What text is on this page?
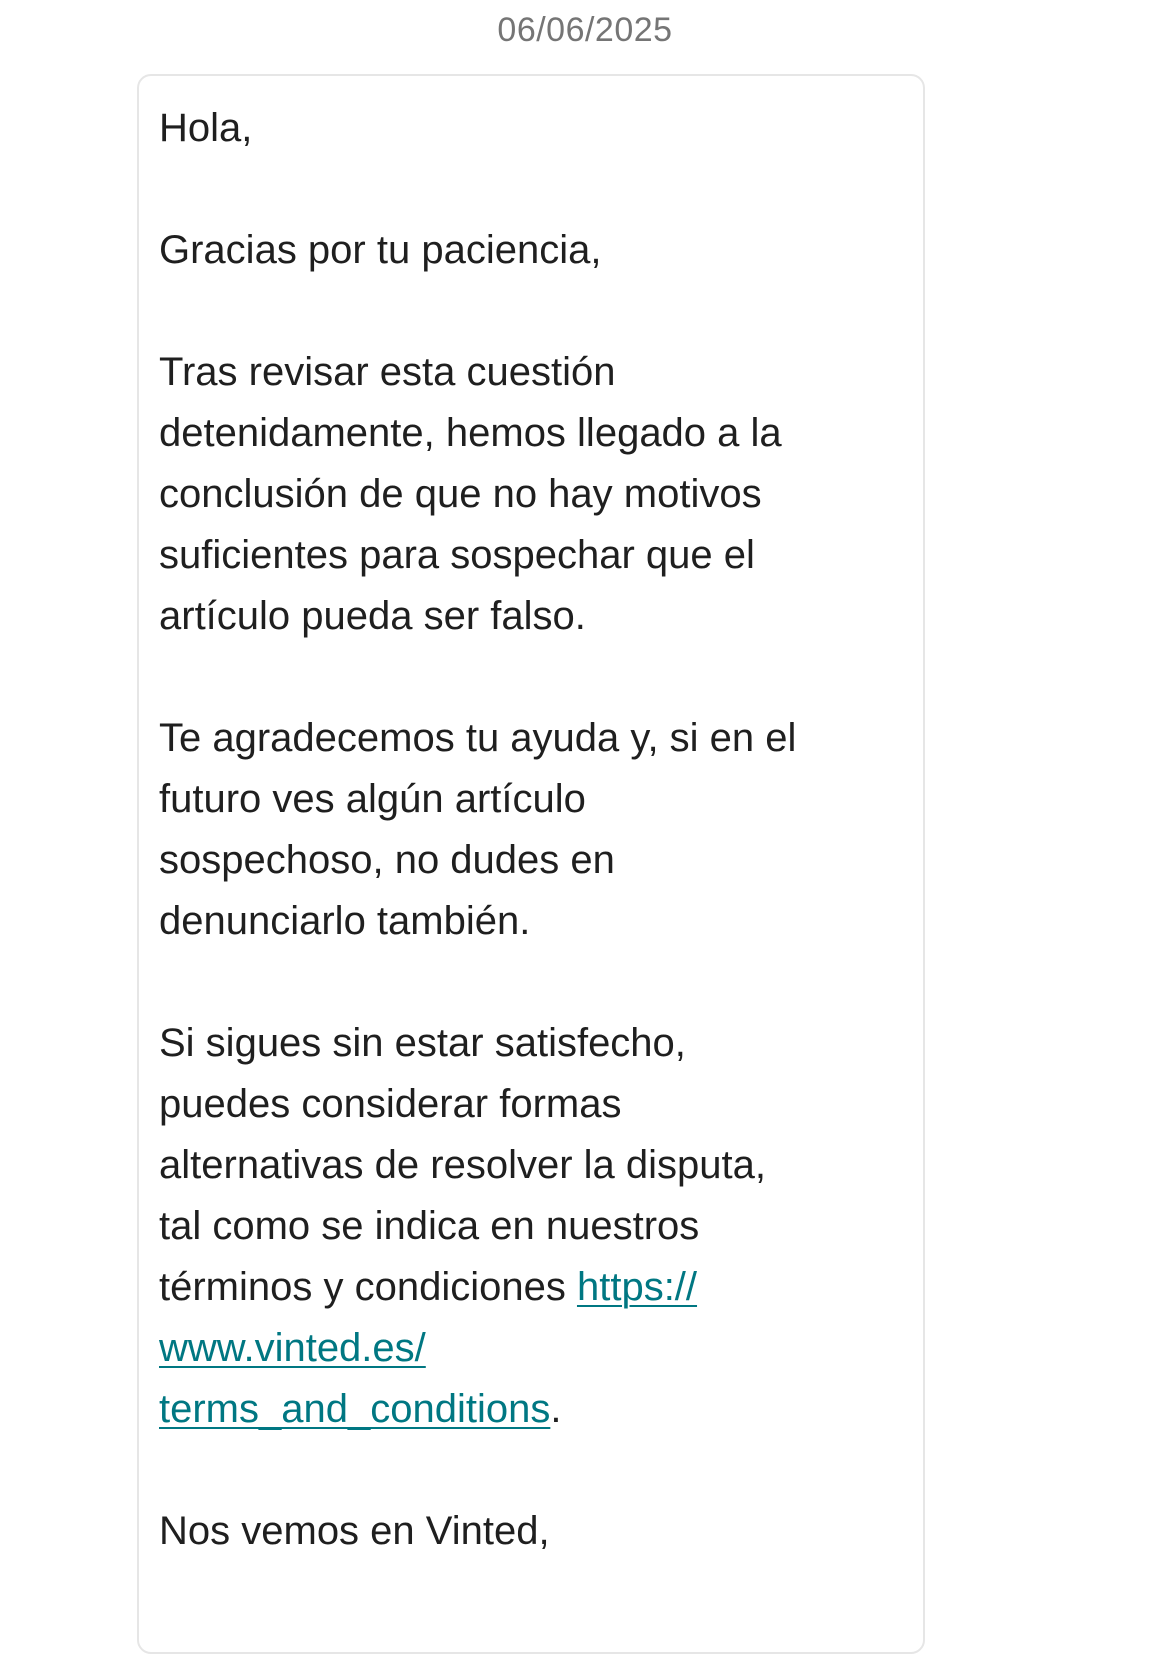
06/06/2025
Hola,
Gracias por tu paciencia,
Tras revisar esta cuestión
detenidamente, hemos llegado a la
conclusión de que no hay motivos
suficientes para sospechar que el
artículo pueda ser falso.
Te agradecemos tu ayuda y, si en el
futuro ves algún artículo
sospechoso, no dudes en
denunciarlo también.
Si sigues sin estar satisfecho,
puedes considerar formas
alternativas de resolver la disputa,
tal como se indica en nuestros
términos y condiciones https://
www.vinted.es/
terms_and_conditions.
Nos vemos en Vinted,
